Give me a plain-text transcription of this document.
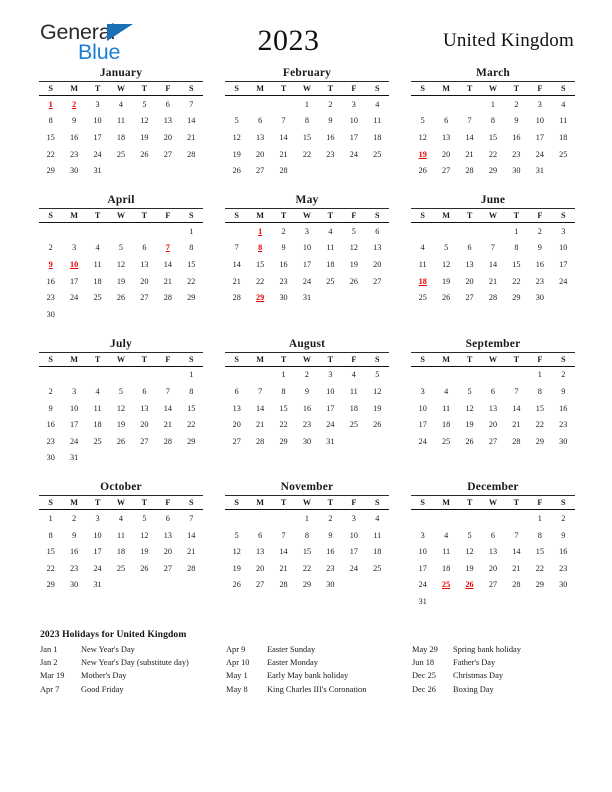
General
Blue	2023	United Kingdom
January
S	M	T	W	T	F	S
1	2	3	4	5	6	7
8	9	10	11	12	13	14
15	16	17	18	19	20	21
22	23	24	25	26	27	28
29	30	31				
February
S	M	T	W	T	F	S
			1	2	3	4
5	6	7	8	9	10	11
12	13	14	15	16	17	18
19	20	21	22	23	24	25
26	27	28				
March
S	M	T	W	T	F	S
			1	2	3	4
5	6	7	8	9	10	11
12	13	14	15	16	17	18
19	20	21	22	23	24	25
26	27	28	29	30	31	
April
S	M	T	W	T	F	S
						1
2	3	4	5	6	7	8
9	10	11	12	13	14	15
16	17	18	19	20	21	22
23	24	25	26	27	28	29
30						
May
S	M	T	W	T	F	S
	1	2	3	4	5	6
7	8	9	10	11	12	13
14	15	16	17	18	19	20
21	22	23	24	25	26	27
28	29	30	31			
June
S	M	T	W	T	F	S
				1	2	3
4	5	6	7	8	9	10
11	12	13	14	15	16	17
18	19	20	21	22	23	24
25	26	27	28	29	30	
July
S	M	T	W	T	F	S
						1
2	3	4	5	6	7	8
9	10	11	12	13	14	15
16	17	18	19	20	21	22
23	24	25	26	27	28	29
30	31					
August
S	M	T	W	T	F	S
		1	2	3	4	5
6	7	8	9	10	11	12
13	14	15	16	17	18	19
20	21	22	23	24	25	26
27	28	29	30	31		
September
S	M	T	W	T	F	S
					1	2
3	4	5	6	7	8	9
10	11	12	13	14	15	16
17	18	19	20	21	22	23
24	25	26	27	28	29	30
October
S	M	T	W	T	F	S
1	2	3	4	5	6	7
8	9	10	11	12	13	14
15	16	17	18	19	20	21
22	23	24	25	26	27	28
29	30	31				
November
S	M	T	W	T	F	S
			1	2	3	4
5	6	7	8	9	10	11
12	13	14	15	16	17	18
19	20	21	22	23	24	25
26	27	28	29	30		
December
S	M	T	W	T	F	S
					1	2
3	4	5	6	7	8	9
10	11	12	13	14	15	16
17	18	19	20	21	22	23
24	25	26	27	28	29	30
31						
2023 Holidays for United Kingdom
Jan 1	New Year's Day
Jan 2	New Year's Day (substitute day)
Mar 19	Mother's Day
Apr 7	Good Friday
Apr 9	Easter Sunday
Apr 10	Easter Monday
May 1	Early May bank holiday
May 8	King Charles III's Coronation
May 29	Spring bank holiday
Jun 18	Father's Day
Dec 25	Christmas Day
Dec 26	Boxing Day
